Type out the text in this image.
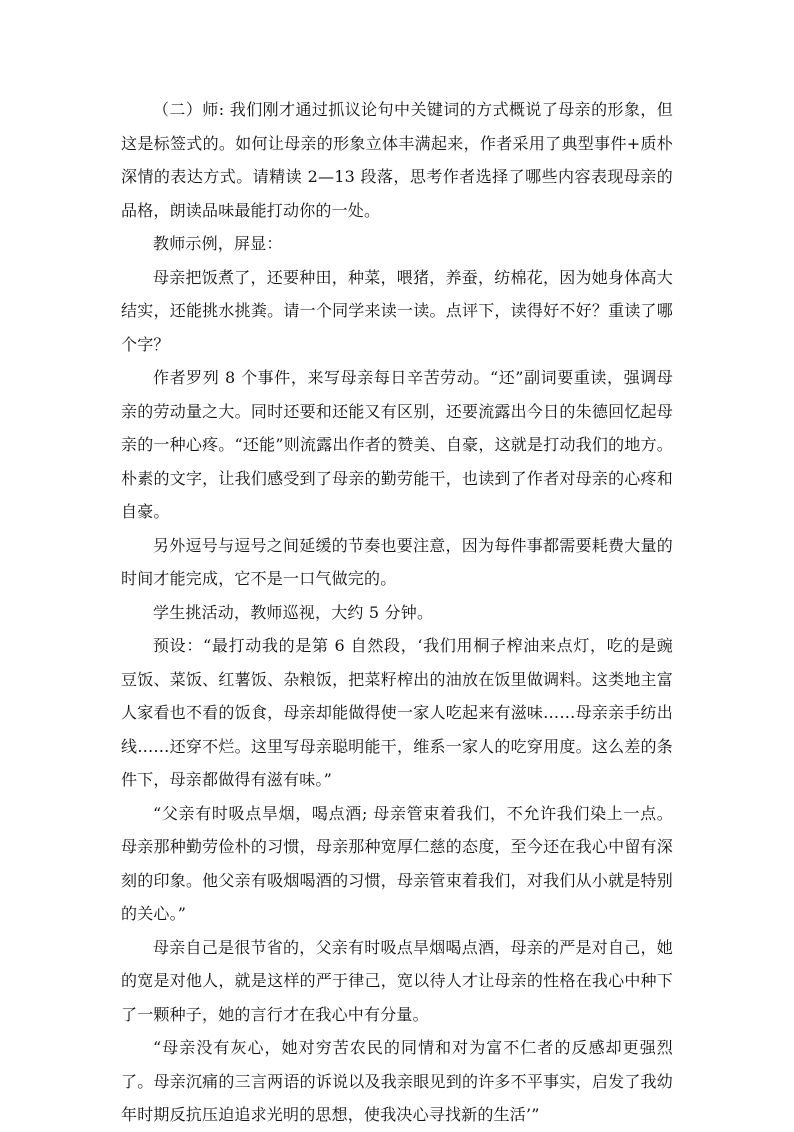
（二）师: 我们刚才通过抓议论句中关键词的方式概说了母亲的形象，但这是标签式的。如何让母亲的形象立体丰满起来，作者采用了典型事件+质朴深情的表达方式。请精读 2—13 段落，思考作者选择了哪些内容表现母亲的品格，朗读品味最能打动你的一处。

教师示例，屏显：

母亲把饭煮了，还要种田，种菜，喂猪，养蚕，纺棉花，因为她身体高大结实，还能挑水挑粪。请一个同学来读一读。点评下，读得好不好？重读了哪个字？

作者罗列 8 个事件，来写母亲每日辛苦劳动。“还”副词要重读，强调母亲的劳动量之大。同时还要和还能又有区别，还要流露出今日的朱德回忆起母亲的一种心疼。“还能”则流露出作者的赞美、自豪，这就是打动我们的地方。朴素的文字，让我们感受到了母亲的勤劳能干，也读到了作者对母亲的心疼和自豪。

另外逗号与逗号之间延缓的节奏也要注意，因为每件事都需要耗费大量的时间才能完成，它不是一口气做完的。

学生挑活动，教师巡视，大约 5 分钟。

预设：“最打动我的是第 6 自然段，‘我们用桐子榨油来点灯，吃的是豌豆饭、菜饭、红薯饭、杂粮饭，把菜籽榨出的油放在饭里做调料。这类地主富人家看也不看的饭食，母亲却能做得使一家人吃起来有滋味……母亲亲手纺出线……还穿不烂。这里写母亲聪明能干，维系一家人的吃穿用度。这么差的条件下，母亲都做得有滋有味。”

“父亲有时吸点旱烟，喝点酒; 母亲管束着我们，不允许我们染上一点。母亲那种勤劳俭朴的习惯，母亲那种宽厚仁慈的态度，至今还在我心中留有深刻的印象。他父亲有吸烟喝酒的习惯，母亲管束着我们，对我们从小就是特别的关心。”

母亲自己是很节省的，父亲有时吸点旱烟喝点酒，母亲的严是对自己，她的宽是对他人，就是这样的严于律己，宽以待人才让母亲的性格在我心中种下了一颗种子，她的言行才在我心中有分量。

“母亲没有灰心，她对穷苦农民的同情和对为富不仁者的反感却更强烈了。母亲沉痛的三言两语的诉说以及我亲眼见到的许多不平事实，启发了我幼年时期反抗压迫追求光明的思想，使我决心寻找新的生活’”
